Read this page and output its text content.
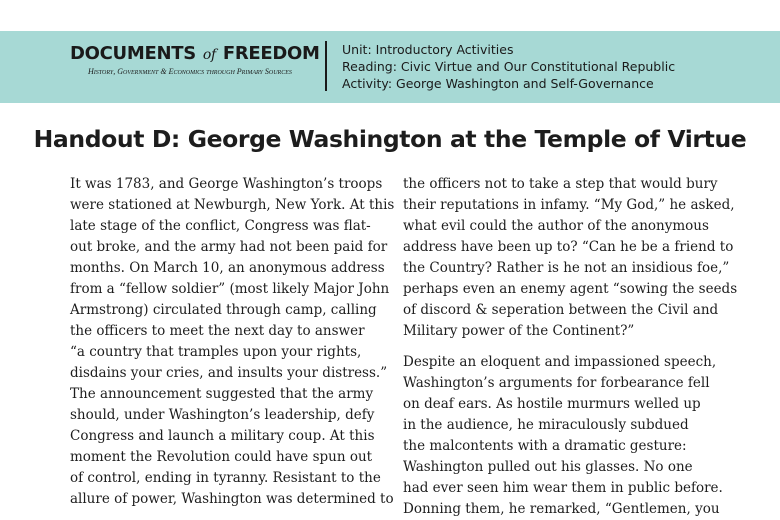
DOCUMENTS of FREEDOM
History, Government & Economics through Primary Sources
Unit: Introductory Activities
Reading: Civic Virtue and Our Constitutional Republic
Activity: George Washington and Self-Governance
Handout D: George Washington at the Temple of Virtue
It was 1783, and George Washington’s troops
were stationed at Newburgh, New York. At this
late stage of the conflict, Congress was flat-
out broke, and the army had not been paid for
months. On March 10, an anonymous address
from a “fellow soldier” (most likely Major John
Armstrong) circulated through camp, calling
the officers to meet the next day to answer
“a country that tramples upon your rights,
disdains your cries, and insults your distress.”
The announcement suggested that the army
should, under Washington’s leadership, defy
Congress and launch a military coup. At this
moment the Revolution could have spun out
of control, ending in tyranny. Resistant to the
allure of power, Washington was determined to
the officers not to take a step that would bury
their reputations in infamy. “My God,” he asked,
what evil could the author of the anonymous
address have been up to? “Can he be a friend to
the Country? Rather is he not an insidious foe,”
perhaps even an enemy agent “sowing the seeds
of discord & seperation between the Civil and
Military power of the Continent?”
Despite an eloquent and impassioned speech,
Washington’s arguments for forbearance fell
on deaf ears. As hostile murmurs welled up
in the audience, he miraculously subdued
the malcontents with a dramatic gesture:
Washington pulled out his glasses. No one
had ever seen him wear them in public before.
Donning them, he remarked, “Gentlemen, you
